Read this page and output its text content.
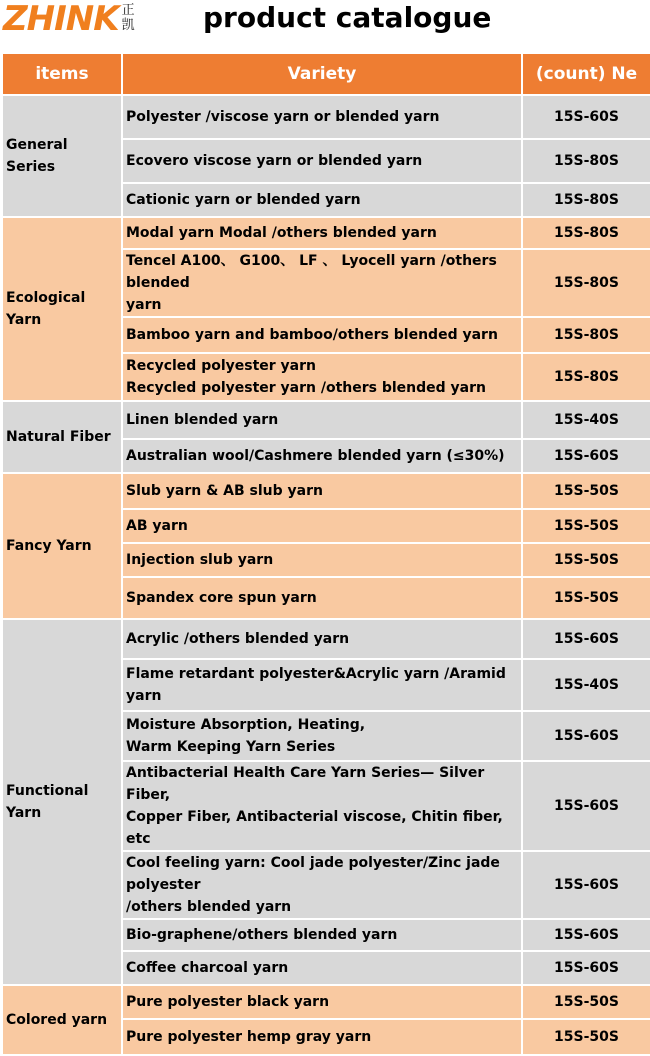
ZHINK 正
凯 product catalogue
items	Variety	(count) Ne
General Series	Polyester /viscose yarn or blended yarn	15S-60S

	Ecovero viscose yarn or blended yarn	15S-80S

	Cationic yarn or blended yarn	15S-80S
Ecological Yarn	Modal yarn Modal /others blended yarn	15S-80S

	Tencel A100、 G100、 LF 、 Lyocell yarn /others blended
yarn	15S-80S

	Bamboo yarn and bamboo/others blended yarn	15S-80S

	Recycled polyester yarn
Recycled polyester yarn /others blended yarn	15S-80S
Natural Fiber	Linen blended yarn	15S-40S

	Australian wool/Cashmere blended yarn (≤30%)	15S-60S
Fancy Yarn	Slub yarn & AB slub yarn	15S-50S

	AB yarn	15S-50S

	Injection slub yarn	15S-50S

	Spandex core spun yarn	15S-50S
Functional Yarn	Acrylic /others blended yarn	15S-60S

	Flame retardant polyester&Acrylic yarn /Aramid yarn	15S-40S

	Moisture Absorption, Heating,
Warm Keeping Yarn Series	15S-60S

	Antibacterial Health Care Yarn Series— Silver Fiber,
Copper Fiber, Antibacterial viscose, Chitin fiber, etc	15S-60S

	Cool feeling yarn: Cool jade polyester/Zinc jade polyester
/others blended yarn	15S-60S

	Bio-graphene/others blended yarn	15S-60S

	Coffee charcoal yarn	15S-60S
Colored yarn	Pure polyester black yarn	15S-50S

	Pure polyester hemp gray yarn	15S-50S
